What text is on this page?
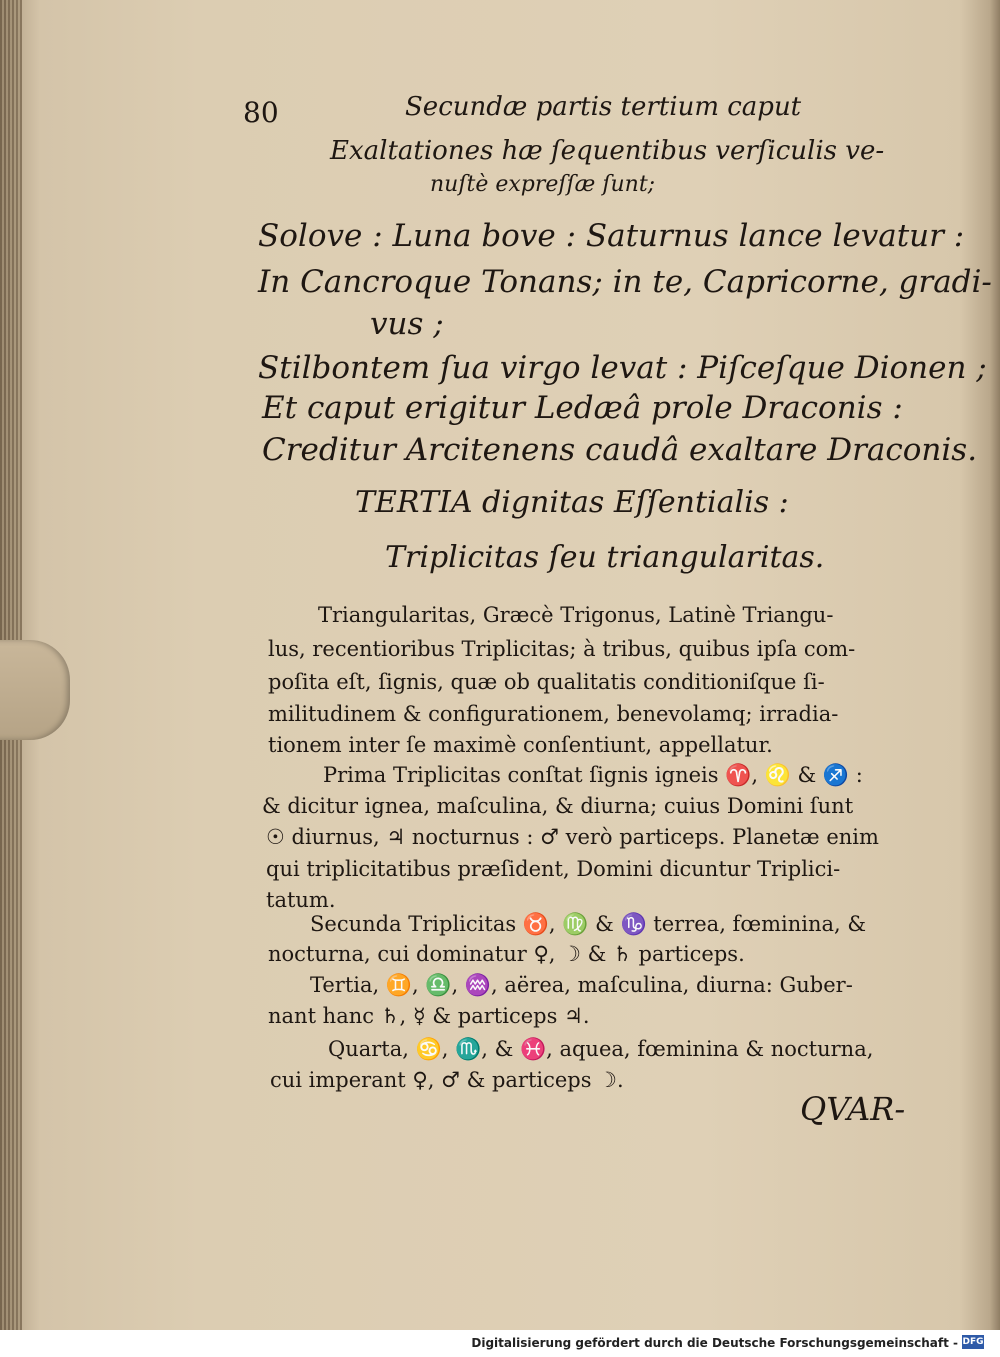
80	Secundæ partis tertium caput
Exaltationes hæ ſequentibus verſiculis ve-
nuſtè expreſſæ ſunt;
Solove : Luna bove : Saturnus lance levatur :
In Cancroque Tonans; in te, Capricorne, gradi-
vus ;
Stilbontem ſua virgo levat : Piſceſque Dionen ;
Et caput erigitur Ledæâ prole Draconis :
Creditur Arcitenens caudâ exaltare Draconis.
TERTIA dignitas Eſſentialis :
Triplicitas ſeu triangularitas.
Triangularitas, Græcè Trigonus, Latinè Triangu-
lus, recentioribus Triplicitas; à tribus, quibus ipſa com-
poſita eſt, ſignis, quæ ob qualitatis conditioniſque ſi-
militudinem & configurationem, benevolamq; irradia-
tionem inter ſe maximè conſentiunt, appellatur.
Prima Triplicitas conſtat ſignis igneis ♈, ♌ & ♐ :
& dicitur ignea, maſculina, & diurna; cuius Domini ſunt
☉ diurnus, ♃ nocturnus : ♂ verò particeps. Planetæ enim
qui triplicitatibus præſident, Domini dicuntur Triplici-
tatum.
Secunda Triplicitas ♉, ♍ & ♑ terrea, fœminina, &
nocturna, cui dominatur ♀, ☽ & ♄ particeps.
Tertia, ♊, ♎, ♒, aërea, maſculina, diurna: Guber-
nant hanc ♄, ☿ & particeps ♃.
Quarta, ♋, ♏, & ♓, aquea, fœminina & nocturna,
cui imperant ♀, ♂ & particeps ☽.
QVAR-
Digitalisierung gefördert durch die Deutsche Forschungsgemeinschaft - DFG
